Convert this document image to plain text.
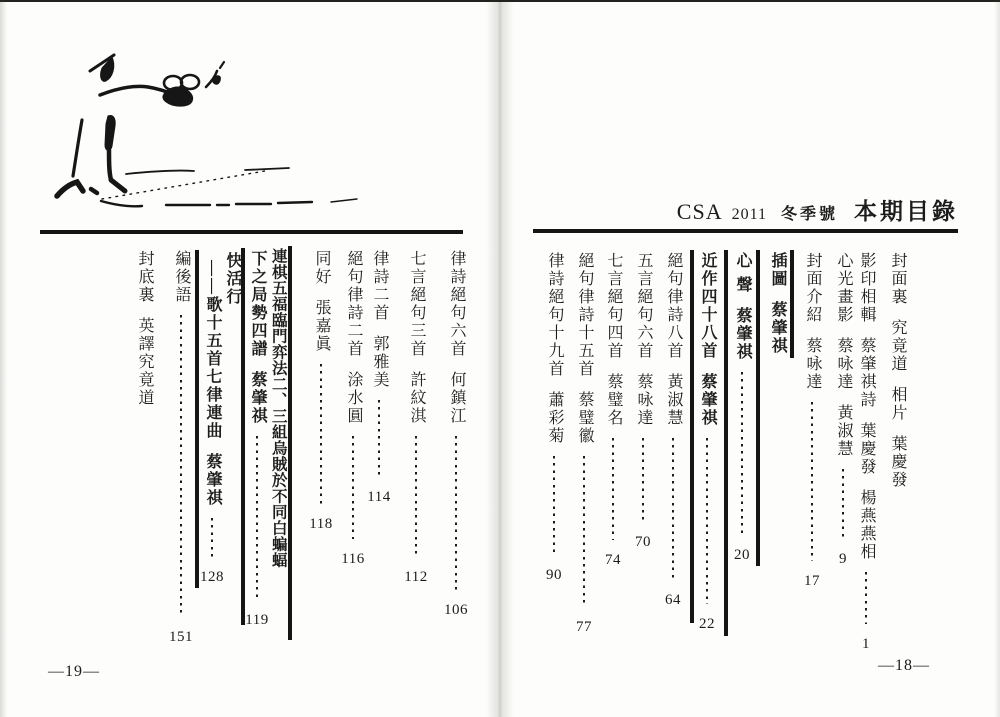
律詩絕句六首
何鎮江
106
七言絕句三首
許紋淇
112
律詩二首
郭雅美
114
絕句律詩二首
涂水圓
116
同好
張嘉眞
118
連棋五福臨門弈法二、三組烏賊於不同白蝙蝠
下之局勢四譜
蔡肇祺
119
快活行
——歌十五首七律連曲
蔡肇祺
128
編後語
151
封底裏
英譯究竟道
—19—
CSA 2011 冬季號 本期目錄
封面裏
究竟道
相片
葉慶發
影印相輯
蔡肇祺詩
葉慶發
楊燕燕相
1
心光畫影
蔡咏達
黃淑慧
9
封面介紹
蔡咏達
17
插圖
蔡肇祺
心 聲
蔡肇祺
20
近作四十八首
蔡肇祺
22
絕句律詩八首
黃淑慧
64
五言絕句六首
蔡咏達
70
七言絕句四首
蔡璧名
74
絕句律詩十五首
蔡璧徽
77
律詩絕句十九首
蕭彩菊
90
—18—
